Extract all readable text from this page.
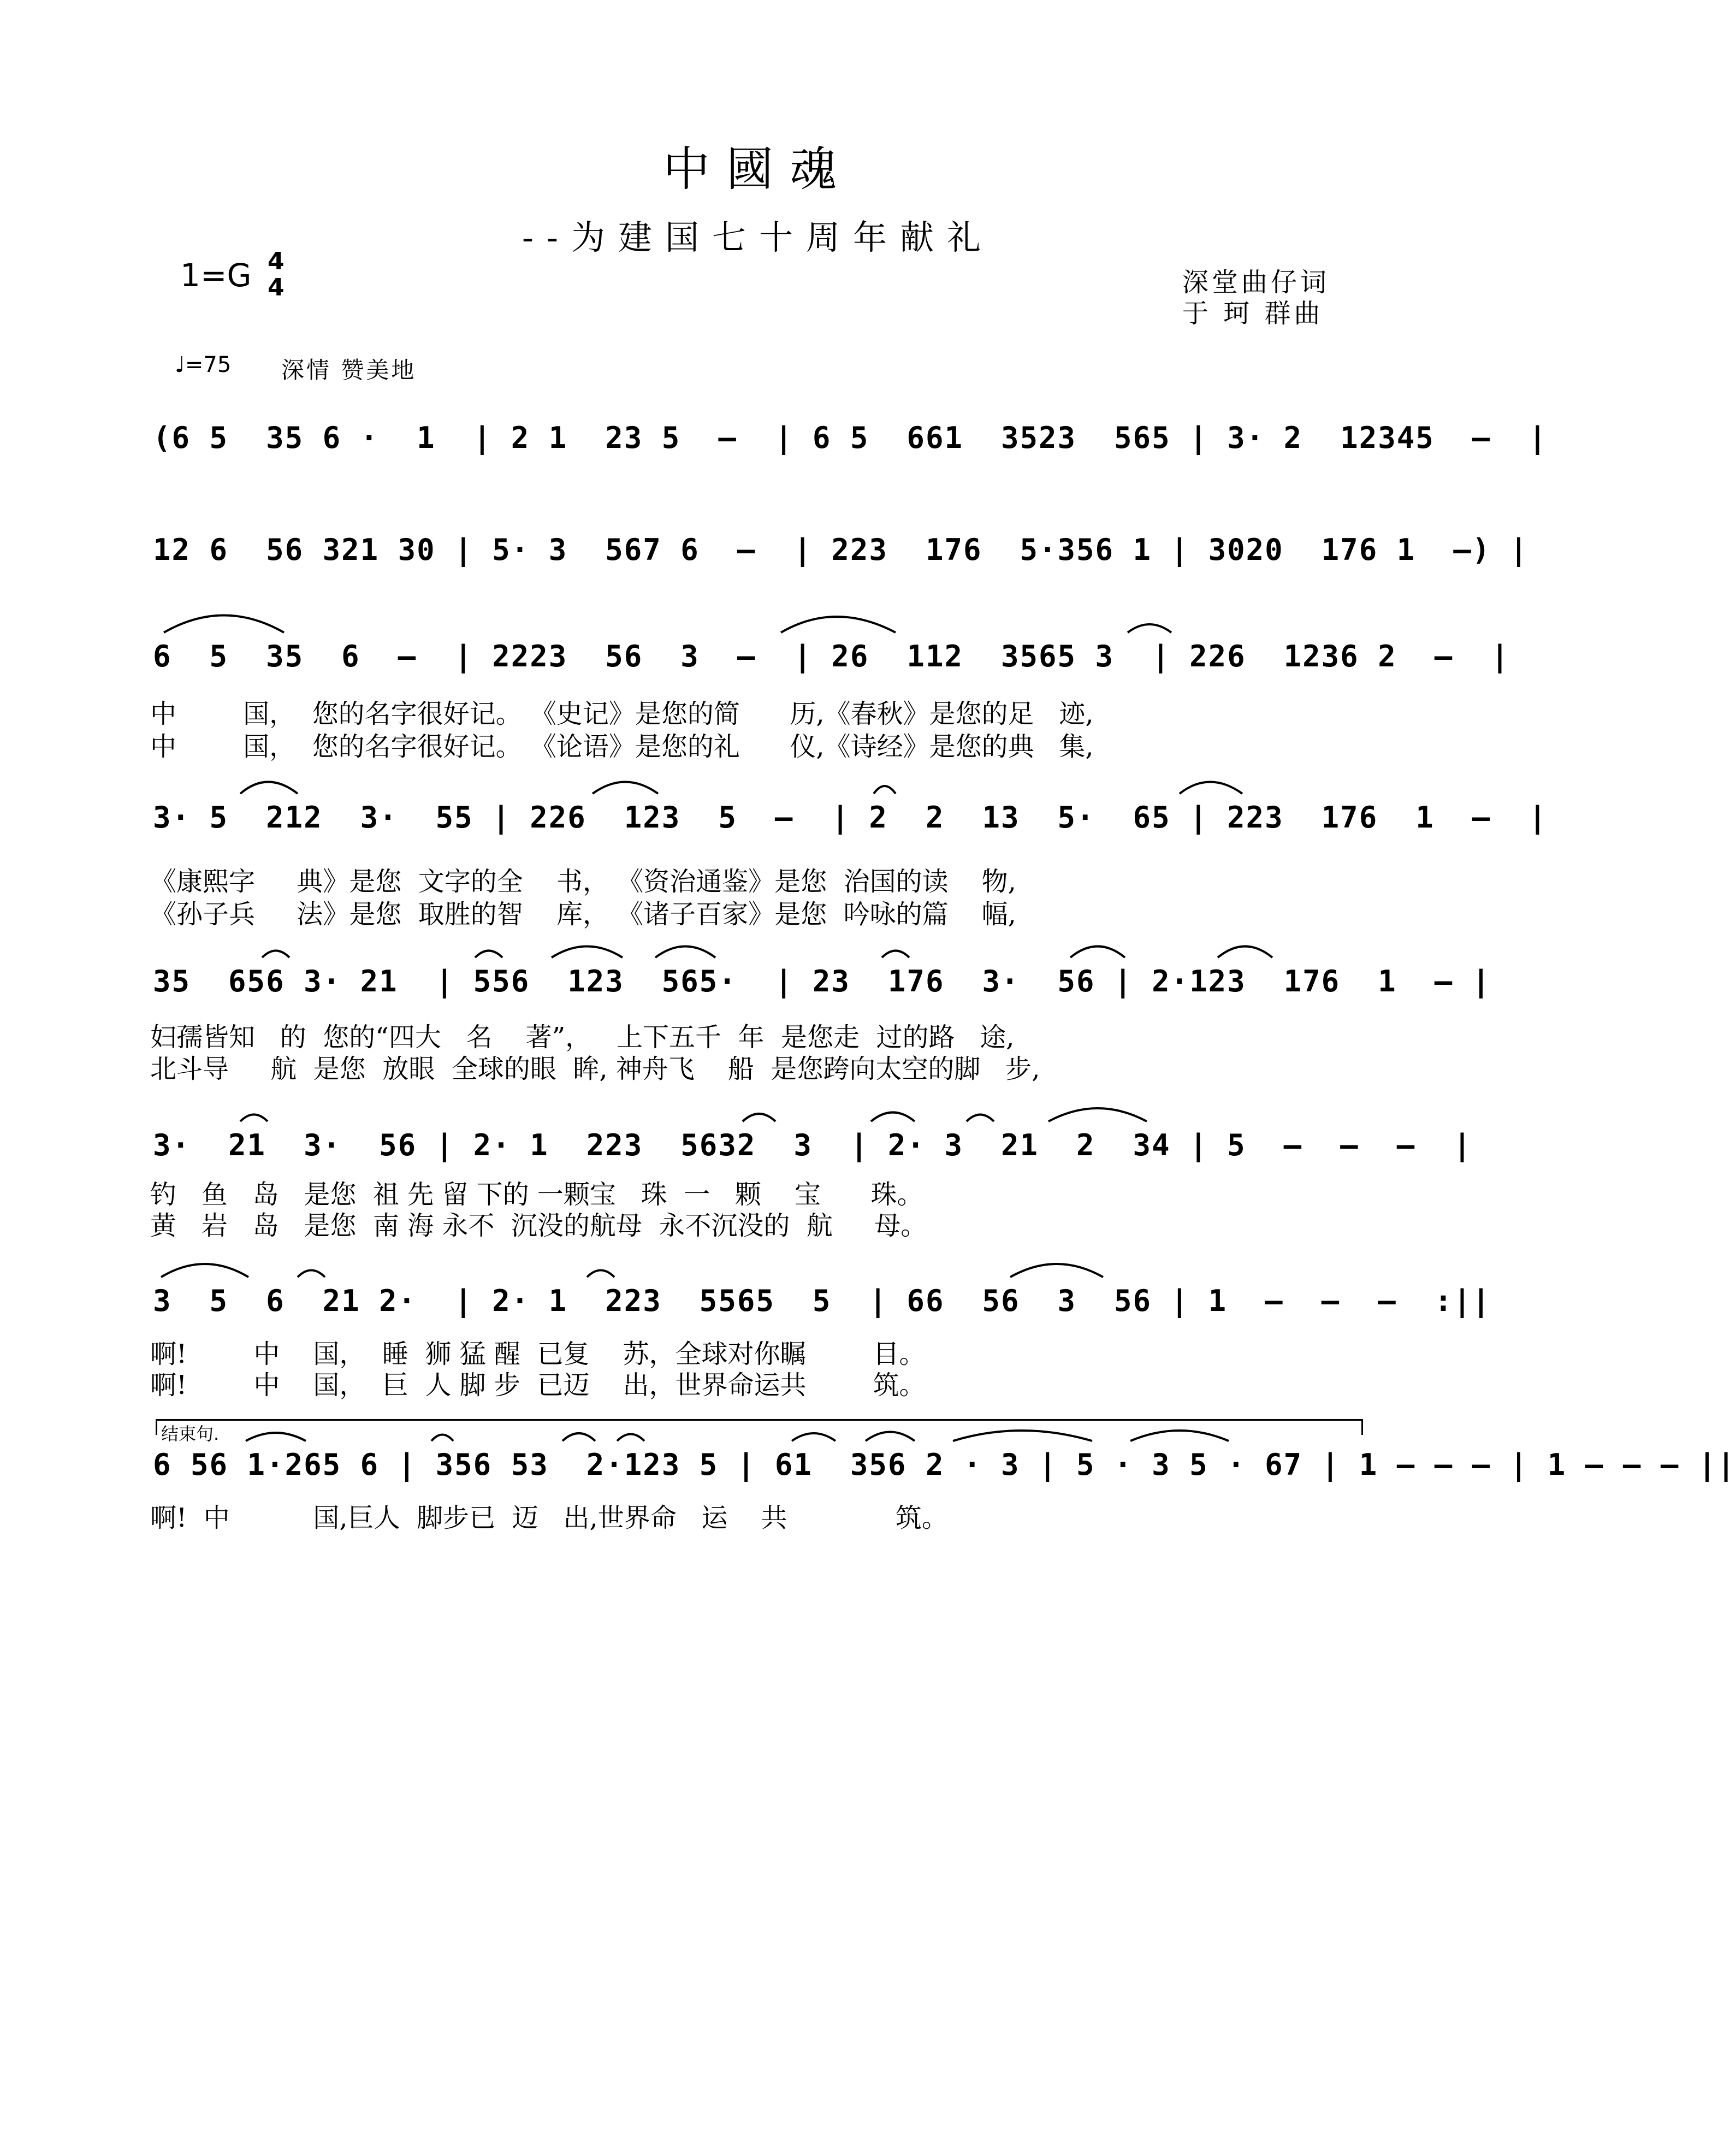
中國魂
--为建国七十周年献礼
1=G 4
4	深堂曲仔词
于 珂 群曲
♩=75 深情 赞美地
(6 5  35 6 ·  1  | 2 1  23 5  –  | 6 5  661  3523  565 | 3· 2  12345  –  |
12 6  56 321 30 | 5· 3  567 6  –  | 223  176  5·356 1 | 3020  176 1  –) |
6  5  35  6  –  | 2223  56  3  –  | 26  112  3565 3  | 226  1236 2  –  |
3· 5  212  3·  55 | 226  123  5  –  | 2  2  13  5·  65 | 223  176  1  –  |
35  656 3· 21  | 556  123  565·  | 23  176  3·  56 | 2·123  176  1  – |
3·  21  3·  56 | 2· 1  223  5632  3  | 2· 3  21  2  34 | 5  –  –  –  |
3  5  6  21 2·  | 2· 1  223  5565  5  | 66  56  3  56 | 1  –  –  –  :||
6 56 1·265 6 | 356 53  2·123 5 | 61  356 2 · 3 | 5 · 3 5 · 67 | 1 – – – | 1 – – – ||
中        国，  您的名字很好记。 《史记》是您的简      历,《春秋》是您的足   迹,
中        国，  您的名字很好记。 《论语》是您的礼      仪,《诗经》是您的典   集,
《康熙字     典》是您  文字的全    书， 《资治通鉴》是您  治国的读    物,
《孙子兵     法》是您  取胜的智    库， 《诸子百家》是您  吟咏的篇    幅,
妇孺皆知   的  您的“四大   名    著”，   上下五千  年  是您走  过的路   途,
北斗导     航  是您  放眼  全球的眼  眸, 神舟飞    船  是您跨向太空的脚   步,
钓   鱼   岛   是您  祖 先 留 下的 一颗宝   珠  一   颗    宝      珠。
黄   岩   岛   是您  南 海 永不  沉没的航母  永不沉没的  航     母。
啊!        中    国，  睡  狮 猛 醒  已复    苏，全球对你瞩        目。
啊!        中    国，  巨  人 脚 步  已迈    出，世界命运共        筑。
啊!  中          国,巨人  脚步已  迈   出,世界命   运    共             筑。
结束句.
